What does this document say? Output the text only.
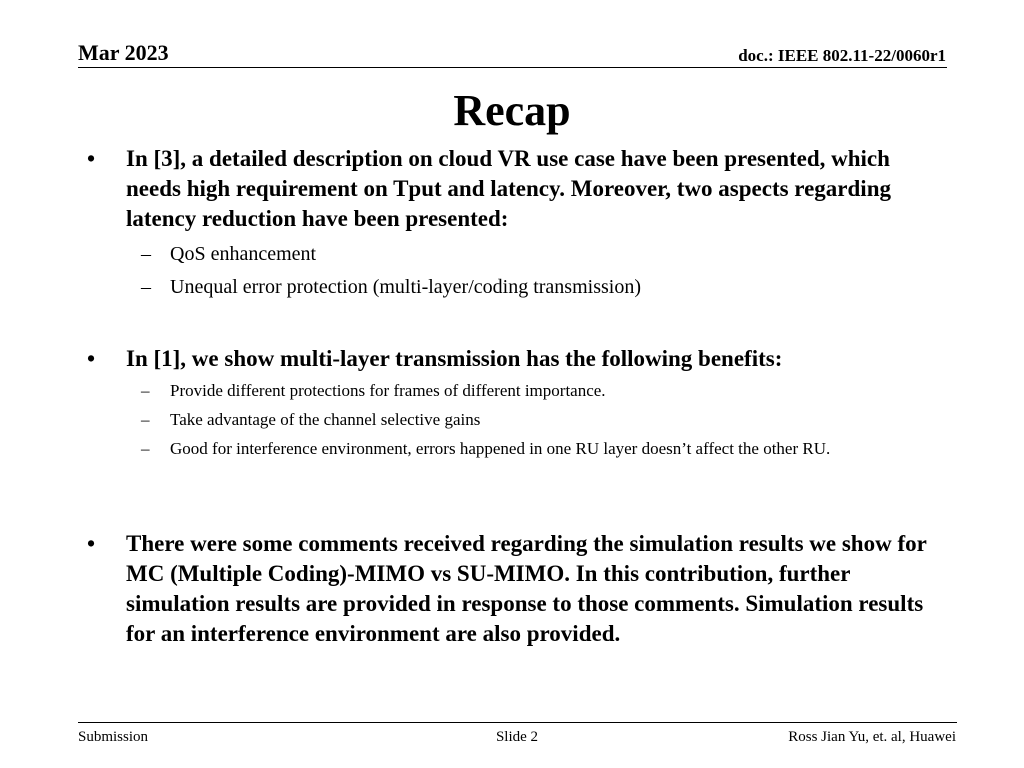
Mar 2023	doc.: IEEE 802.11-22/0060r1
Recap
• In [3], a detailed description on cloud VR use case have been presented, which needs high requirement on Tput and latency. Moreover, two aspects regarding latency reduction have been presented:
– QoS enhancement
– Unequal error protection (multi-layer/coding transmission)
• In [1], we show multi-layer transmission has the following benefits:
– Provide different protections for frames of different importance.
– Take advantage of the channel selective gains
– Good for interference environment, errors happened in one RU layer doesn’t affect the other RU.
• There were some comments received regarding the simulation results we show for MC (Multiple Coding)-MIMO vs SU-MIMO. In this contribution, further simulation results are provided in response to those comments. Simulation results for an interference environment are also provided.
Submission	Slide 2	Ross Jian Yu, et. al, Huawei
